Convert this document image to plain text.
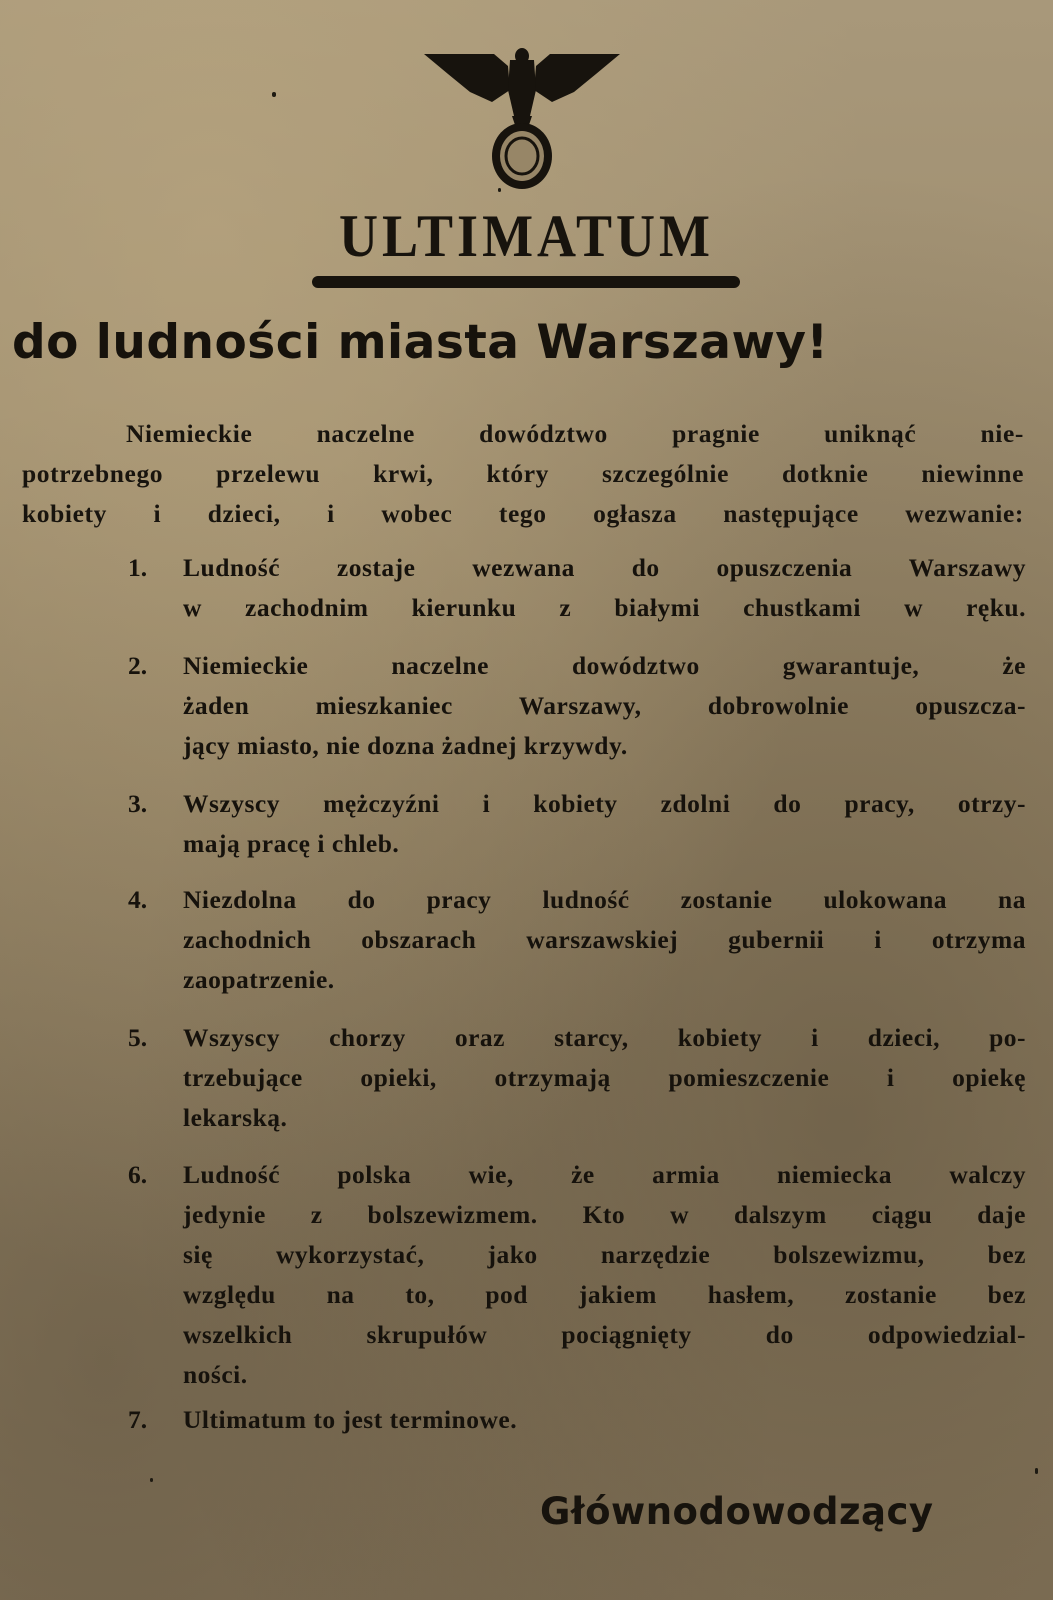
ULTIMATUM
do ludności miasta Warszawy!
Niemieckie naczelne dowództwo pragnie uniknąć nie-
potrzebnego przelewu krwi, który szczególnie dotknie niewinne
kobiety i dzieci, i wobec tego ogłasza następujące wezwanie:
1.	Ludność zostaje wezwana do opuszczenia Warszawy
w zachodnim kierunku z białymi chustkami w ręku.
2.	Niemieckie naczelne dowództwo gwarantuje, że
żaden mieszkaniec Warszawy, dobrowolnie opuszcza-
jący miasto, nie dozna żadnej krzywdy.
3.	Wszyscy mężczyźni i kobiety zdolni do pracy, otrzy-
mają pracę i chleb.
4.	Niezdolna do pracy ludność zostanie ulokowana na
zachodnich obszarach warszawskiej gubernii i otrzyma
zaopatrzenie.
5.	Wszyscy chorzy oraz starcy, kobiety i dzieci, po-
trzebujące opieki, otrzymają pomieszczenie i opiekę
lekarską.
6.	Ludność polska wie, że armia niemiecka walczy
jedynie z bolszewizmem. Kto w dalszym ciągu daje
się wykorzystać, jako narzędzie bolszewizmu, bez
względu na to, pod jakiem hasłem, zostanie bez
wszelkich skrupułów pociągnięty do odpowiedzial-
ności.
7.	Ultimatum to jest terminowe.
Głównodowodzący
